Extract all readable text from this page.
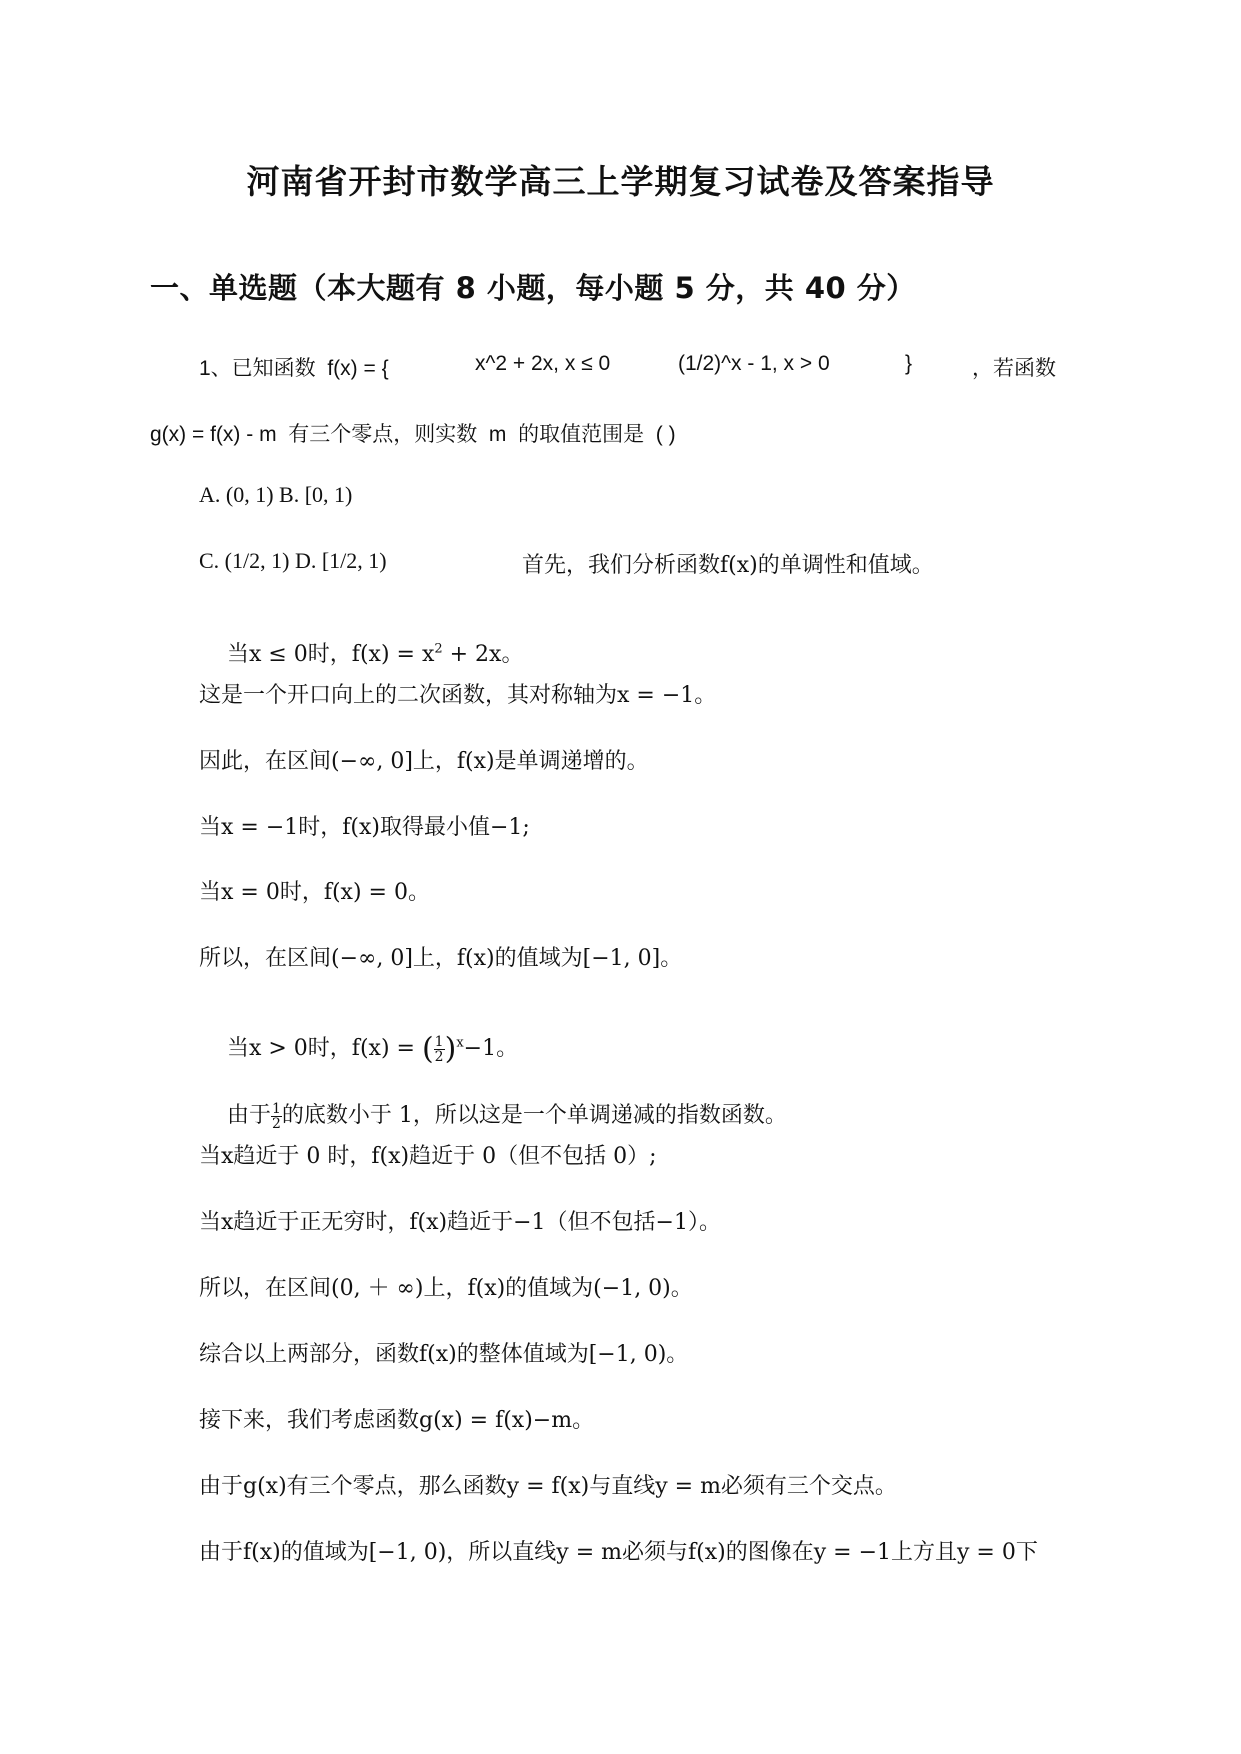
河南省开封市数学高三上学期复习试卷及答案指导
一、单选题（本大题有 8 小题，每小题 5 分，共 40 分）
1、已知函数  f(x) = {	x^2 + 2x, x ≤ 0	(1/2)^x - 1, x > 0	}	，若函数
g(x) = f(x) - m  有三个零点，则实数  m  的取值范围是  ( )
A. (0, 1) B. [0, 1)
C. (1/2, 1) D. [1/2, 1)	首先，我们分析函数f(x)的单调性和值域。

当x ≤ 0时，$f(x) = x^2 + 2x$。

这是一个开口向上的二次函数，其对称轴为x = −1。
因此，在区间(−∞, 0]上，f(x)是单调递增的。
当x = −1时，f(x)取得最小值−1;
当x = 0时，f(x) = 0。
所以，在区间(−∞, 0]上，f(x)的值域为[−1, 0]。

当x > 0时，f(x) = ( $\frac{1}{2} )^x-1$。

由于 $\frac{1}{2}$ 的底数小于 1，所以这是一个单调递减的指数函数。

当x趋近于 0 时，f(x)趋近于 0（但不包括 0）;
当x趋近于正无穷时，f(x)趋近于−1（但不包括−1）。
所以，在区间(0, ＋ ∞)上，f(x)的值域为(−1, 0)。
综合以上两部分，函数f(x)的整体值域为[−1, 0)。
接下来，我们考虑函数g(x) = f(x)−m。
由于g(x)有三个零点，那么函数y = f(x)与直线y = m必须有三个交点。
由于f(x)的值域为[−1, 0)，所以直线y = m必须与f(x)的图像在y = −1上方且y = 0下
